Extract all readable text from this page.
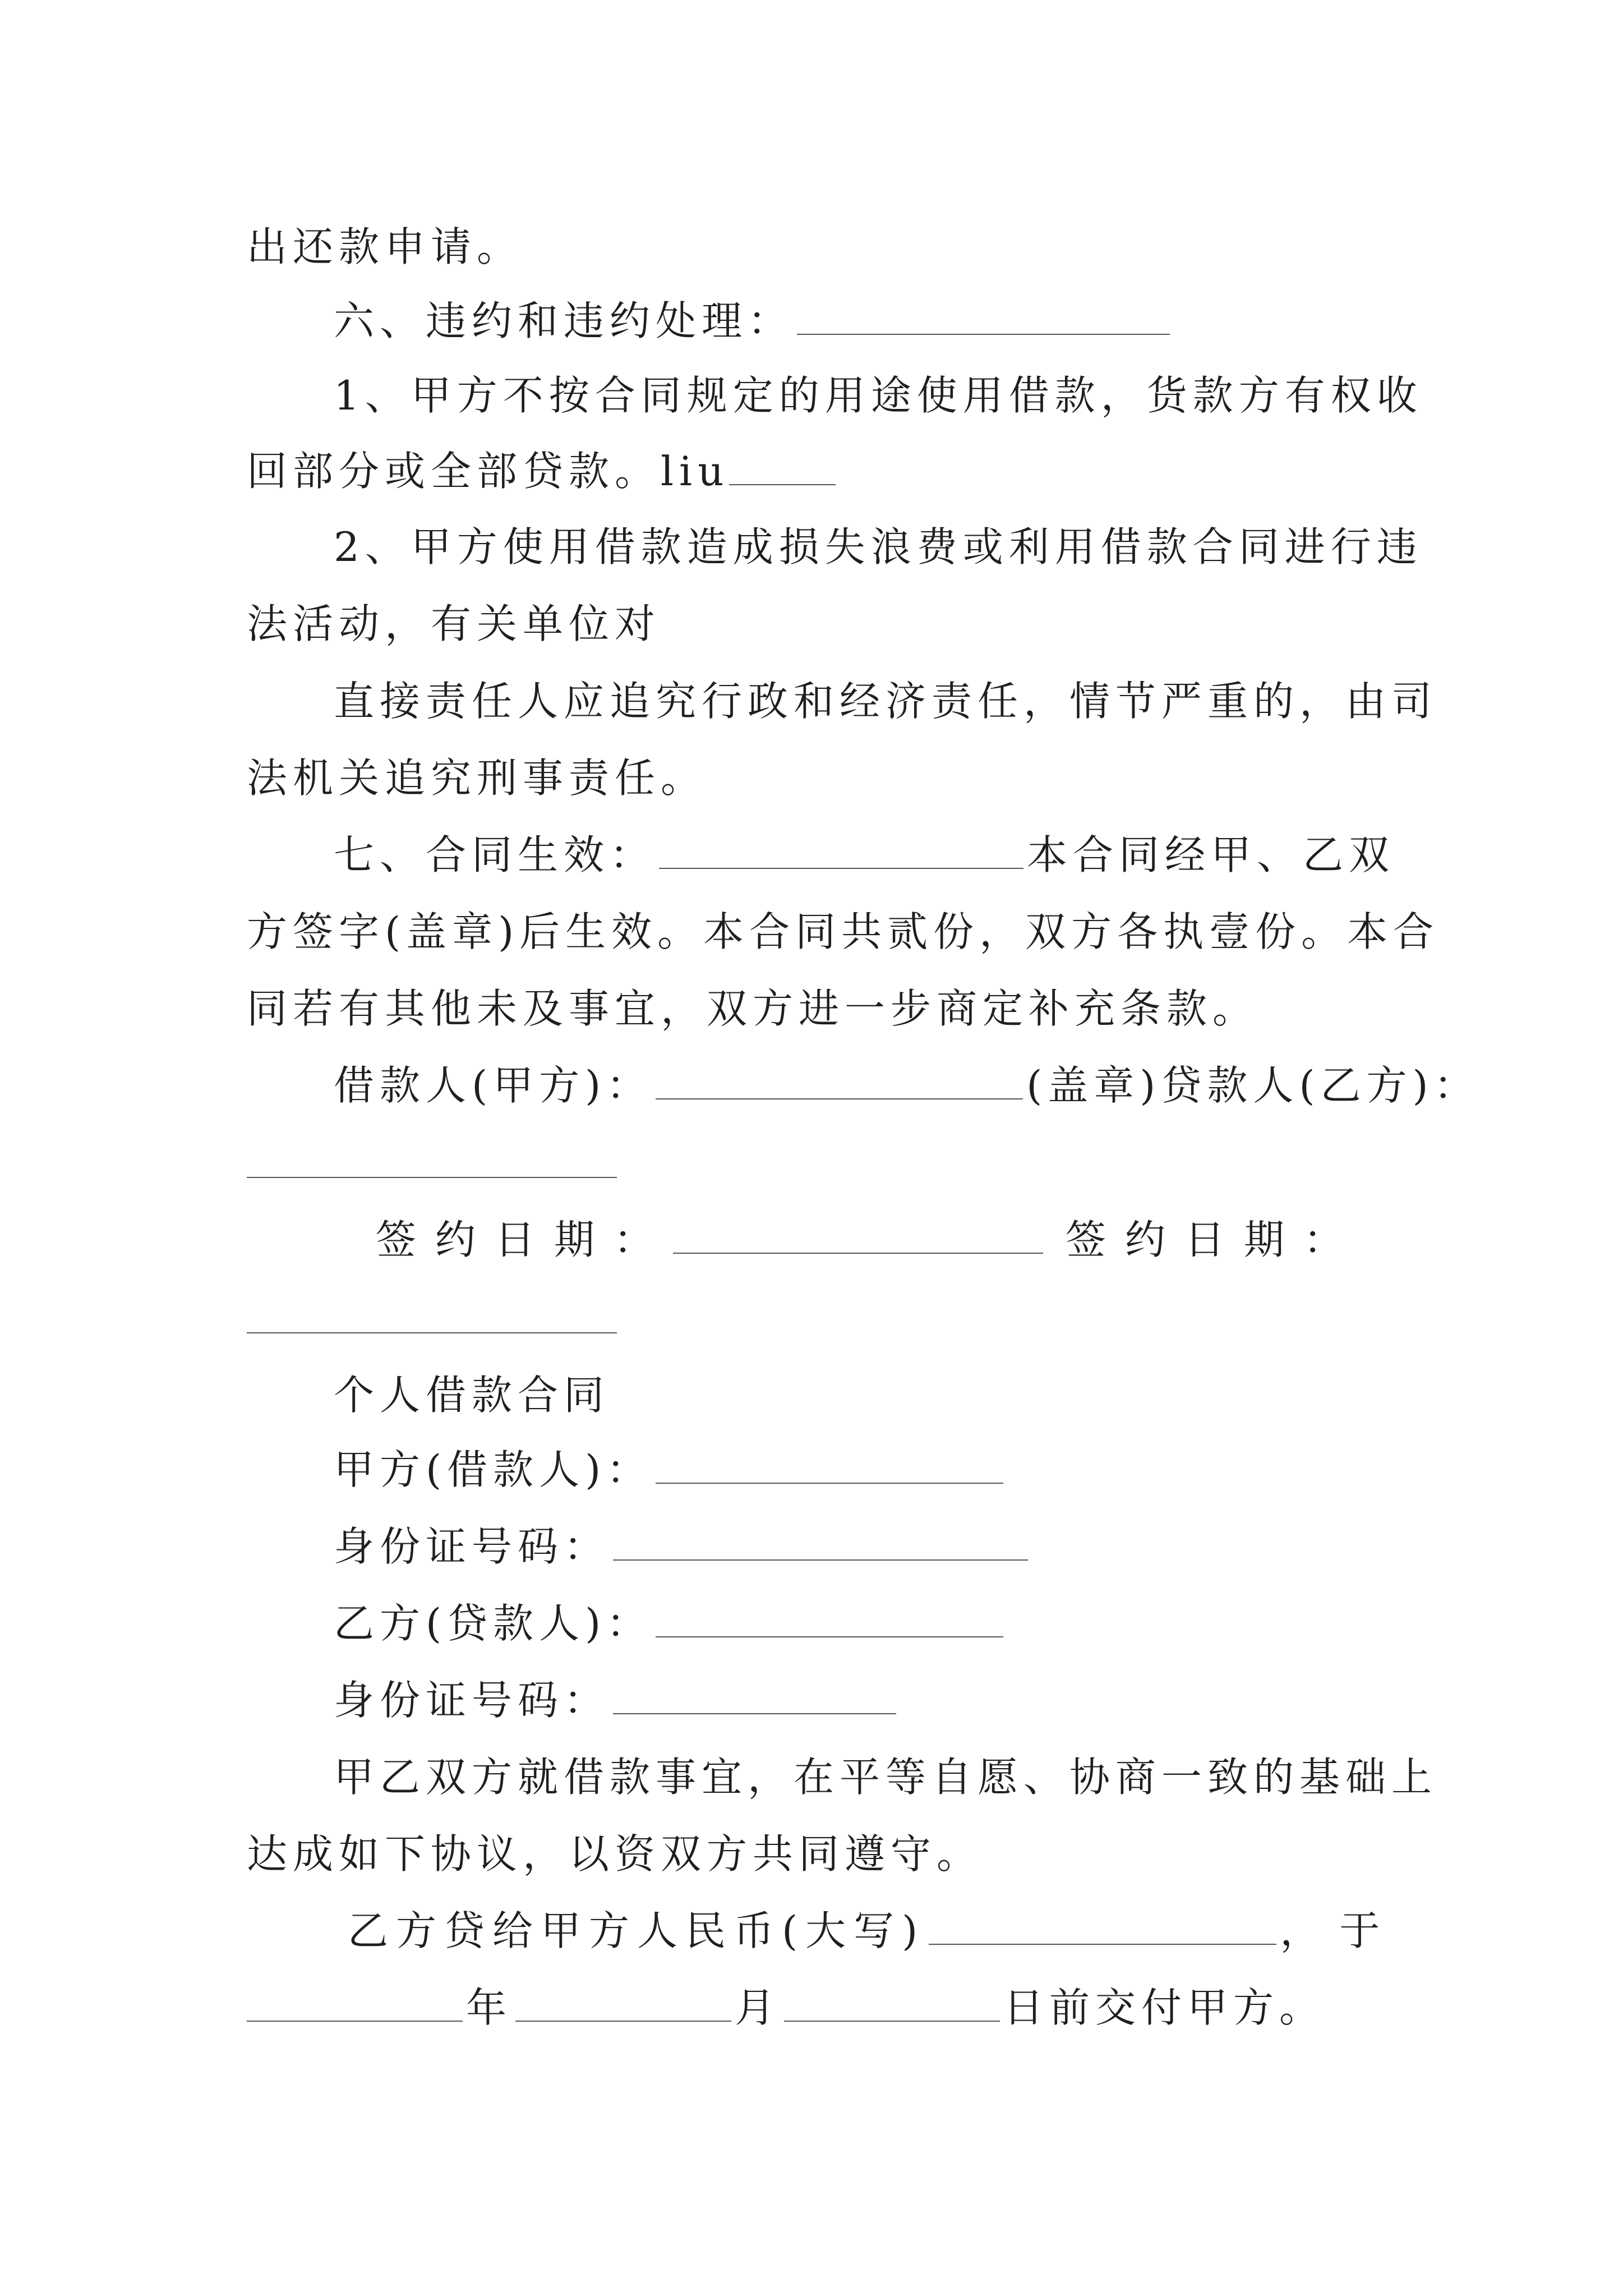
出还款申请。
六、违约和违约处理：
1、甲方不按合同规定的用途使用借款，货款方有权收
回部分或全部贷款。liu
2、甲方使用借款造成损失浪费或利用借款合同进行违
法活动，有关单位对
直接责任人应追究行政和经济责任，情节严重的，由司
法机关追究刑事责任。
七、合同生效：	本合同经甲、乙双
方签字(盖章)后生效。本合同共贰份，双方各执壹份。本合
同若有其他未及事宜，双方进一步商定补充条款。
借款人(甲方)：	(盖章)贷款人(乙方)：
签约日期：	签约日期：
个人借款合同
甲方(借款人)：
身份证号码：
乙方(贷款人)：
身份证号码：
甲乙双方就借款事宜，在平等自愿、协商一致的基础上
达成如下协议，以资双方共同遵守。
乙方贷给甲方人民币(大写)	，于
年	月	日前交付甲方。
